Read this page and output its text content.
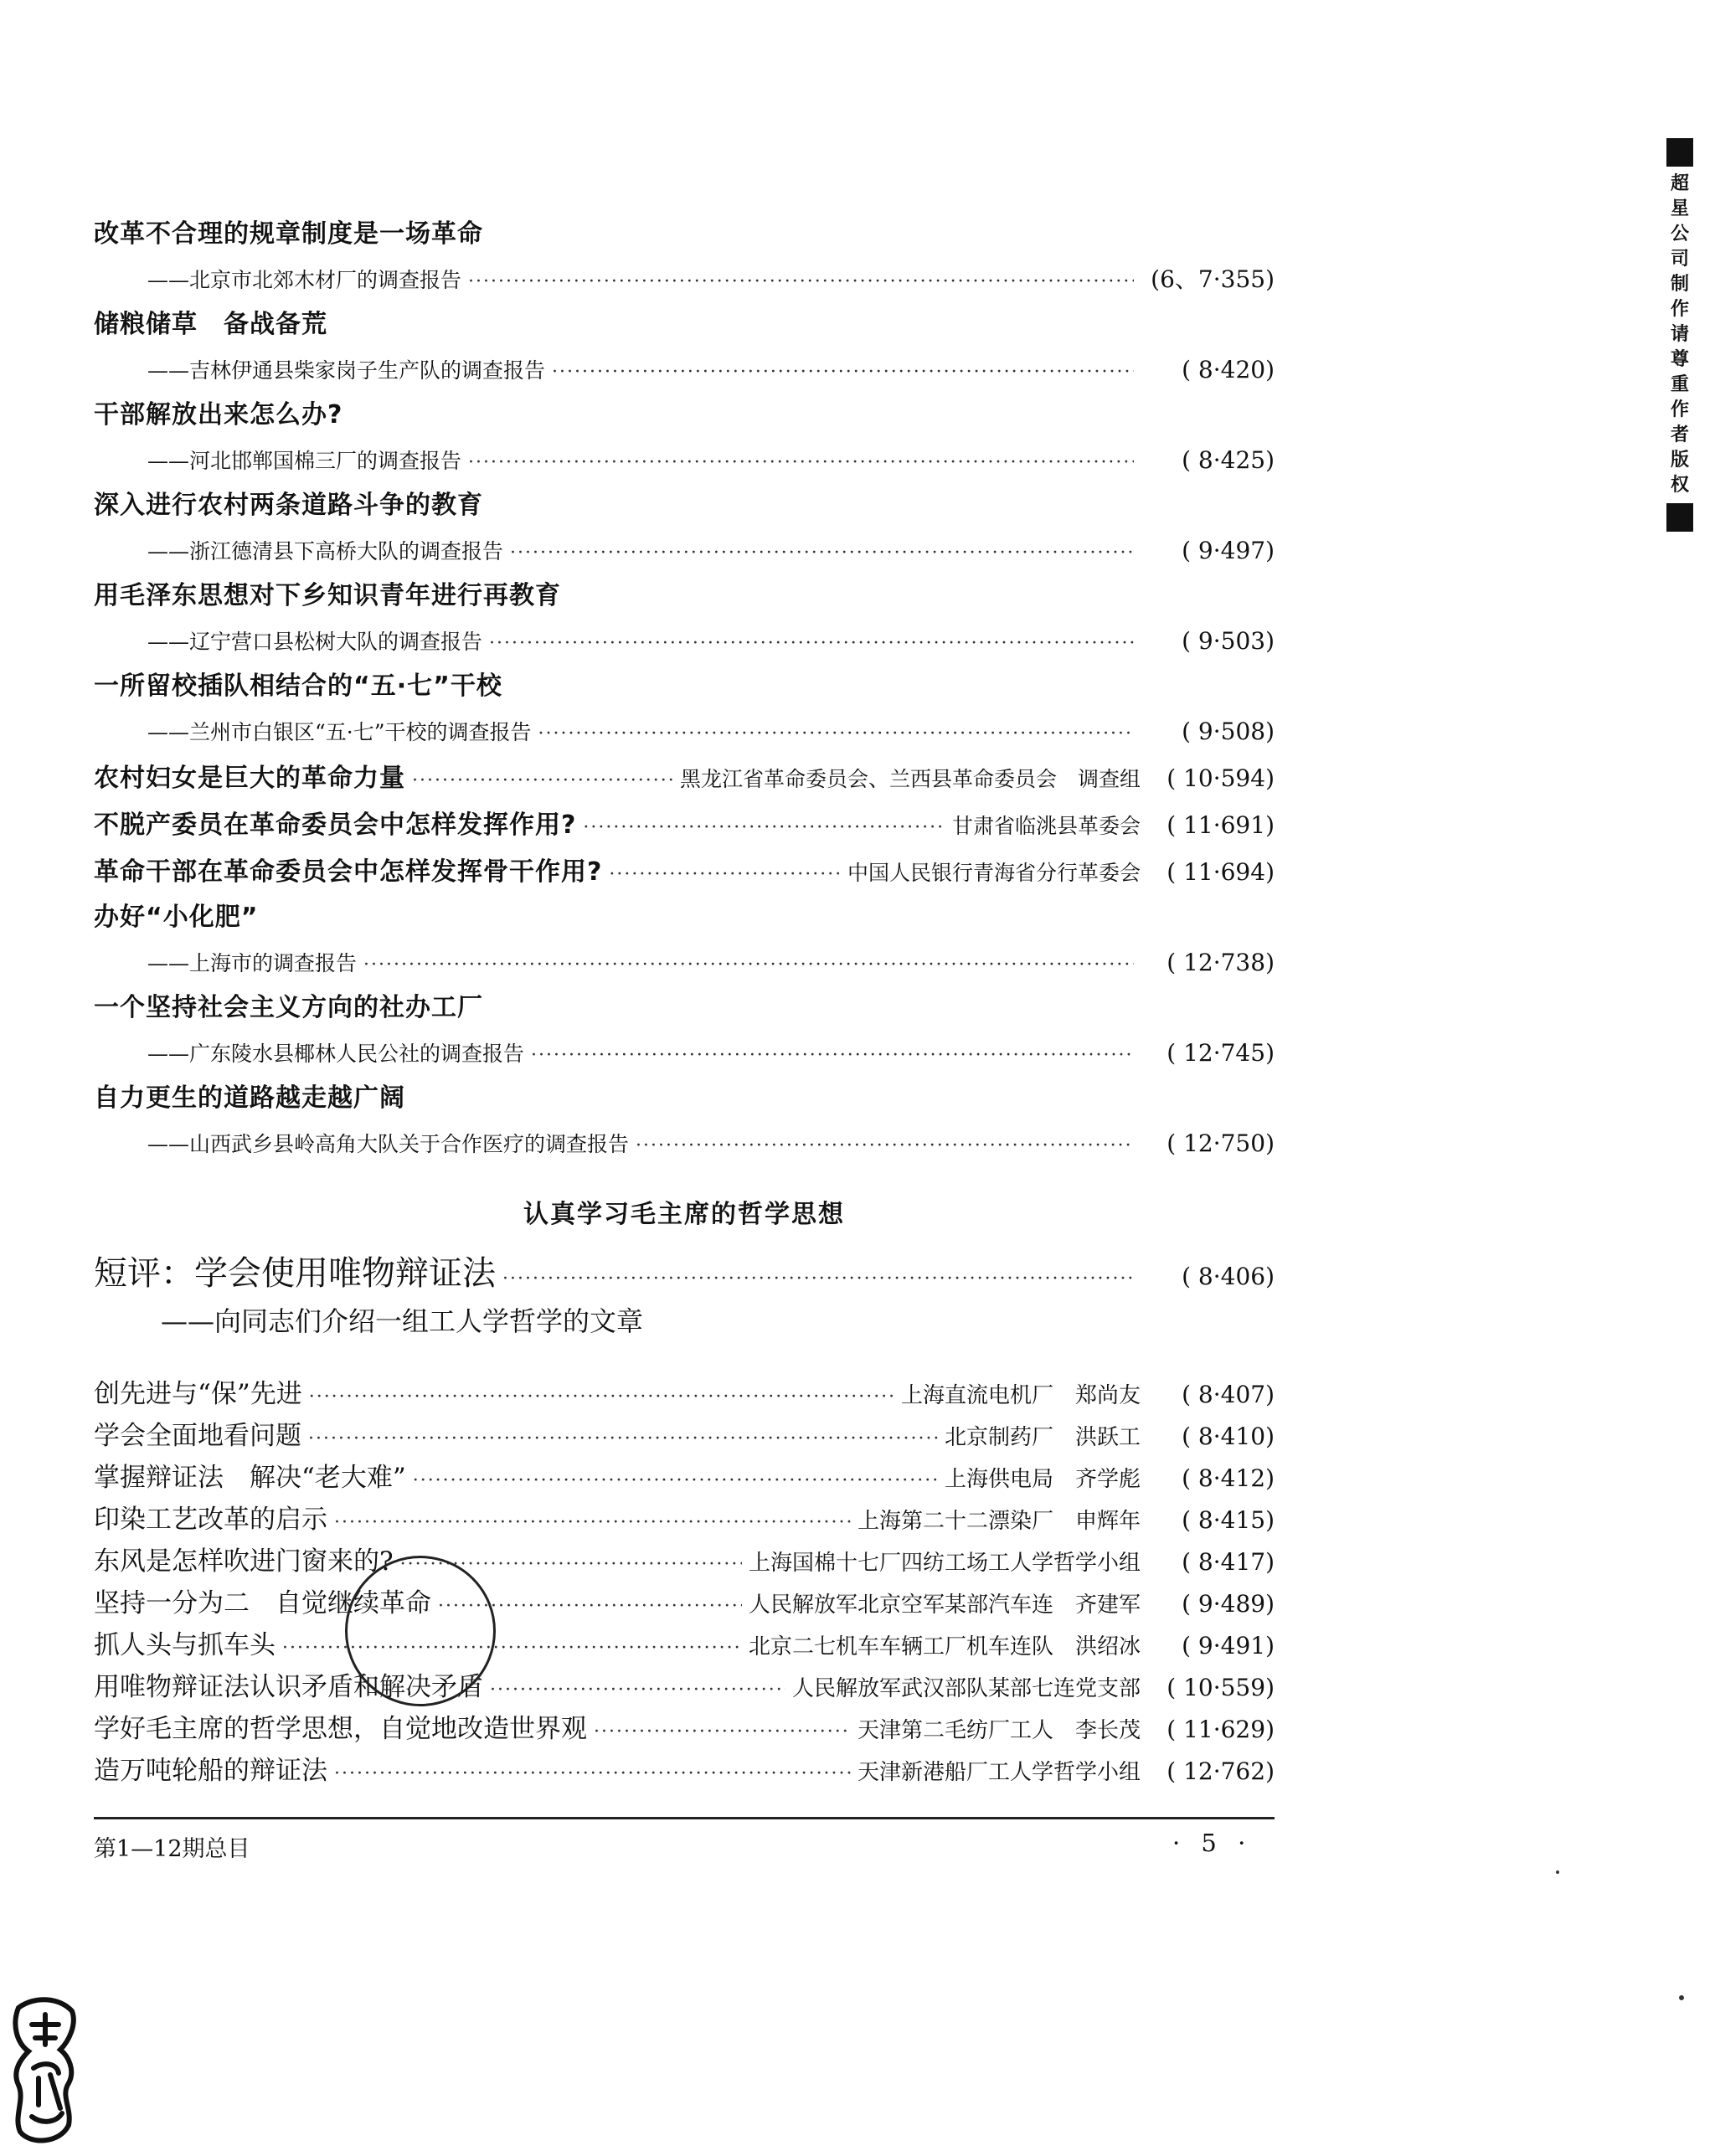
超星公司制作 请尊重作者版权
改革不合理的规章制度是一场革命
——北京市北郊木材厂的调查报告 ·····	(6、7·355)
储粮储草　备战备荒
——吉林伊通县柴家岗子生产队的调查报告 ·····	( 8·420)
干部解放出来怎么办?
——河北邯郸国棉三厂的调查报告 ·····	( 8·425)
深入进行农村两条道路斗争的教育
——浙江德清县下高桥大队的调查报告 ·····	( 9·497)
用毛泽东思想对下乡知识青年进行再教育
——辽宁营口县松树大队的调查报告 ·····	( 9·503)
一所留校插队相结合的“五·七”干校
——兰州市白银区“五·七”干校的调查报告 ·····	( 9·508)
农村妇女是巨大的革命力量 ·····	黑龙江省革命委员会、兰西县革命委员会　调查组	( 10·594)
不脱产委员在革命委员会中怎样发挥作用? ·····	甘肃省临洮县革委会	( 11·691)
革命干部在革命委员会中怎样发挥骨干作用? ·····	中国人民银行青海省分行革委会	( 11·694)
办好“小化肥”
——上海市的调查报告 ·····	( 12·738)
一个坚持社会主义方向的社办工厂
——广东陵水县椰林人民公社的调查报告 ·····	( 12·745)
自力更生的道路越走越广阔
——山西武乡县岭高角大队关于合作医疗的调查报告 ·····	( 12·750)
认真学习毛主席的哲学思想
短评：学会使用唯物辩证法 ·····	( 8·406)
——向同志们介绍一组工人学哲学的文章
创先进与“保”先进 ·····	上海直流电机厂　郑尚友	( 8·407)
学会全面地看问题 ·····	北京制药厂　洪跃工	( 8·410)
掌握辩证法　解决“老大难” ·····	上海供电局　齐学彪	( 8·412)
印染工艺改革的启示 ·····	上海第二十二漂染厂　申辉年	( 8·415)
东风是怎样吹进门窗来的? ·····	上海国棉十七厂四纺工场工人学哲学小组	( 8·417)
坚持一分为二　自觉继续革命 ·····	人民解放军北京空军某部汽车连　齐建军	( 9·489)
抓人头与抓车头 ·····	北京二七机车车辆工厂机车连队　洪绍冰	( 9·491)
用唯物辩证法认识矛盾和解决矛盾 ·····	人民解放军武汉部队某部七连党支部	( 10·559)
学好毛主席的哲学思想，自觉地改造世界观 ·····	天津第二毛纺厂工人　李长茂	( 11·629)
造万吨轮船的辩证法 ·····	天津新港船厂工人学哲学小组	( 12·762)
第1—12期总目	· 5 ·
